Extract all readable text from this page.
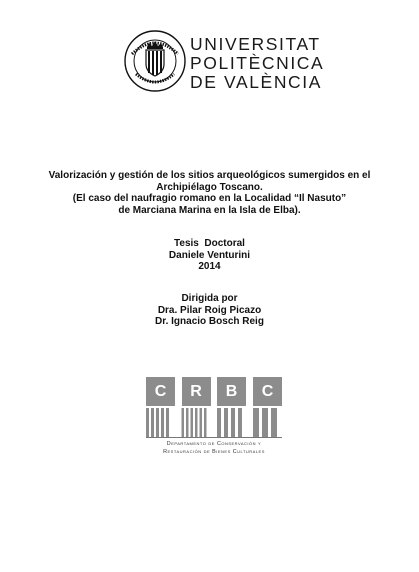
UNIVERSITAT
POLITÈCNICA
DE VALÈNCIA
Valorización y gestión de los sitios arqueológicos sumergidos en el
Archipiélago Toscano.
(El caso del naufragio romano en la Localidad “Il Nasuto”
de Marciana Marina en la Isla de Elba).
Tesis  Doctoral
Daniele Venturini
2014
Dirigida por
Dra. Pilar Roig Picazo
Dr. Ignacio Bosch Reig
C	R	B	C
Departamento de Conservación y
Restauración de Bienes Culturales
